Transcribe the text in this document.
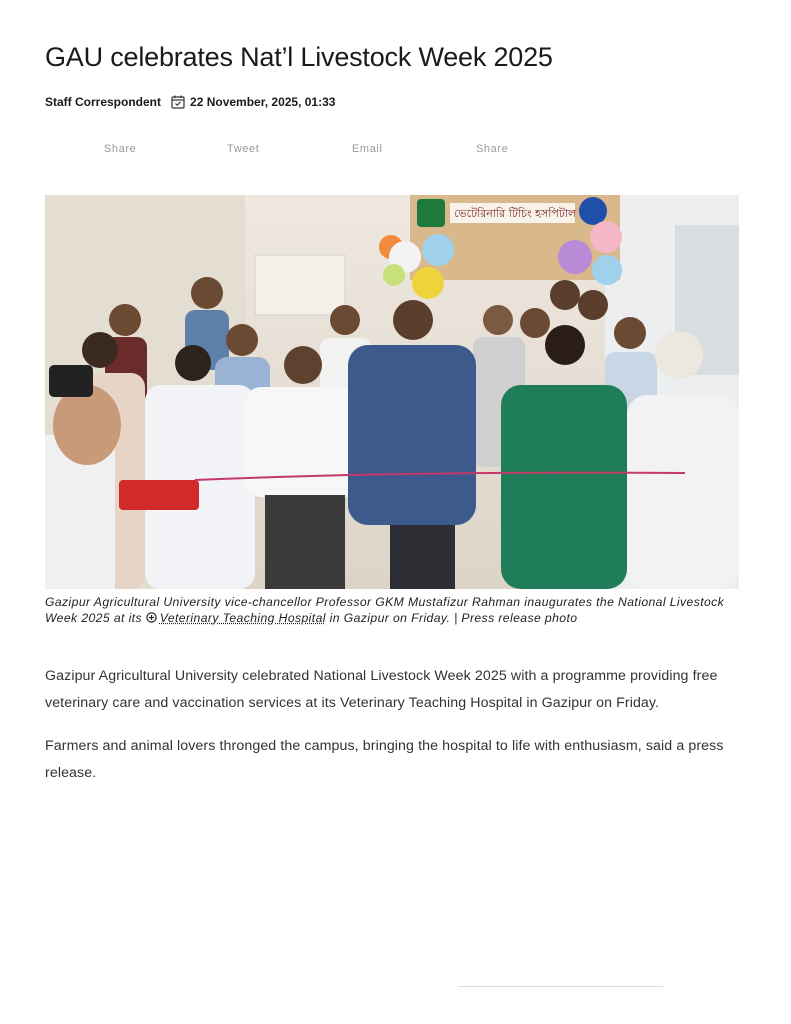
GAU celebrates Nat’l Livestock Week 2025
Staff Correspondent 22 November, 2025, 01:33
Share	Tweet	Email	Share
ভেটেরিনারি টিচিং হসপিটাল
Gazipur Agricultural University vice-chancellor Professor GKM Mustafizur Rahman inaugurates the National Livestock Week 2025 at its Veterinary Teaching Hospital in Gazipur on Friday. | Press release photo

Gazipur Agricultural University celebrated National Livestock Week 2025 with a programme providing free veterinary care and vaccination services at its Veterinary Teaching Hospital in Gazipur on Friday.

Farmers and animal lovers thronged the campus, bringing the hospital to life with enthusiasm, said a press release.
